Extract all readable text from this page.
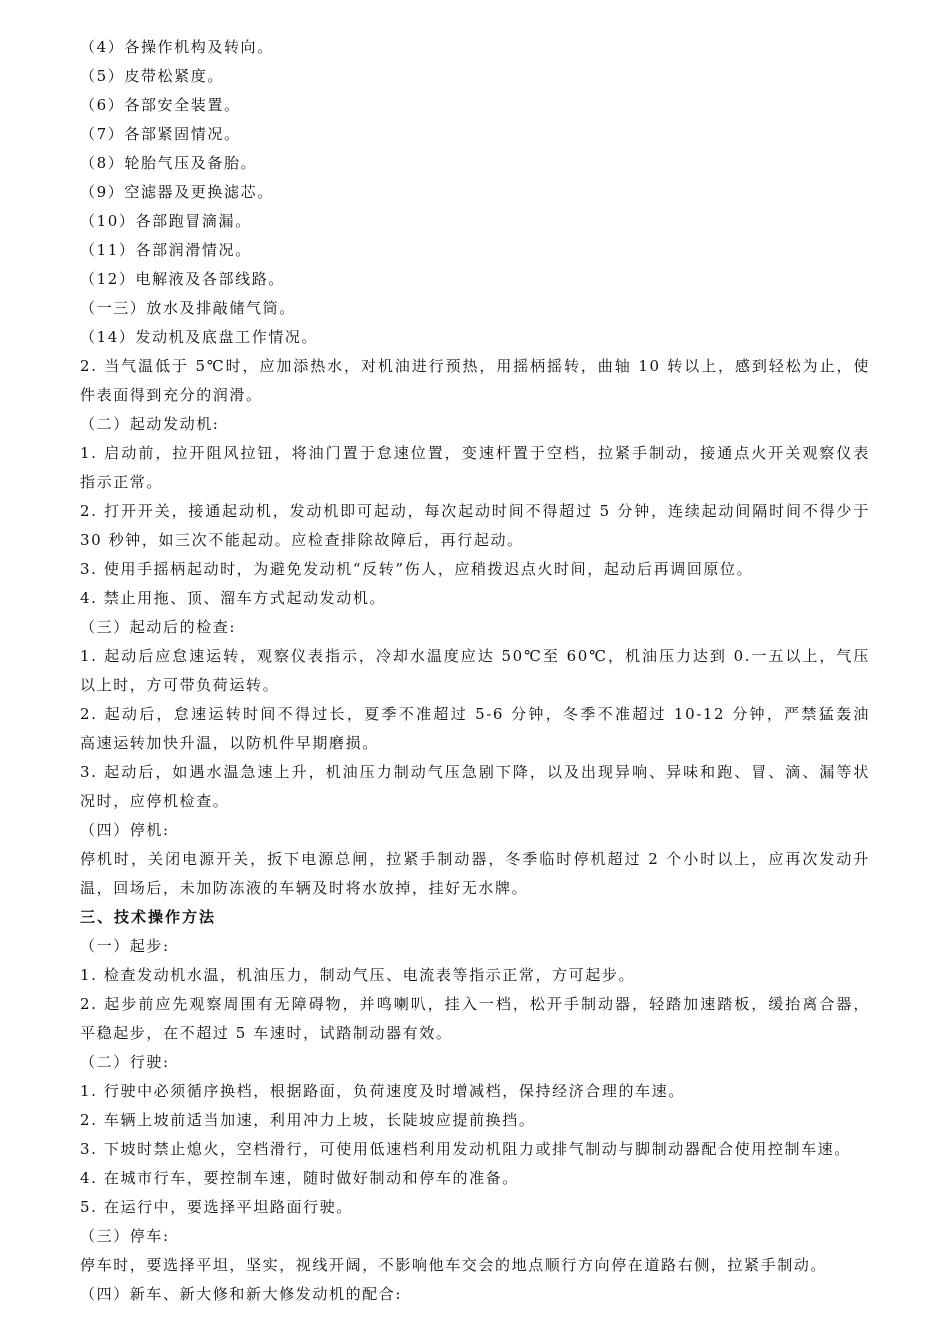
（4）各操作机构及转向。
（5）皮带松紧度。
（6）各部安全装置。
（7）各部紧固情况。
（8）轮胎气压及备胎。
（9）空滤器及更换滤芯。
（10）各部跑冒滴漏。
（11）各部润滑情况。
（12）电解液及各部线路。
（一三）放水及排敲储气筒。
（14）发动机及底盘工作情况。
2. 当气温低于 5℃时，应加添热水，对机油进行预热，用摇柄摇转，曲轴 10 转以上，感到轻松为止，使
件表面得到充分的润滑。
（二）起动发动机:
1. 启动前，拉开阻风拉钮，将油门置于怠速位置，变速杆置于空档，拉紧手制动，接通点火开关观察仪表
指示正常。
2. 打开开关，接通起动机，发动机即可起动，每次起动时间不得超过 5 分钟，连续起动间隔时间不得少于
30 秒钟，如三次不能起动。应检查排除故障后，再行起动。
3. 使用手摇柄起动时，为避免发动机“反转”伤人，应稍拨迟点火时间，起动后再调回原位。
4. 禁止用拖、顶、溜车方式起动发动机。
（三）起动后的检查:
1. 起动后应怠速运转，观察仪表指示，冷却水温度应达 50℃至 60℃，机油压力达到 0.一五以上，气压
以上时，方可带负荷运转。
2. 起动后，怠速运转时间不得过长，夏季不准超过 5-6 分钟，冬季不准超过 10-12 分钟，严禁猛轰油
高速运转加快升温，以防机件早期磨损。
3. 起动后，如遇水温急速上升，机油压力制动气压急剧下降，以及出现异响、异味和跑、冒、滴、漏等状
况时，应停机检查。
（四）停机:
停机时，关闭电源开关，扳下电源总闸，拉紧手制动器，冬季临时停机超过 2 个小时以上，应再次发动升
温，回场后，未加防冻液的车辆及时将水放掉，挂好无水牌。
三、技术操作方法
（一）起步:
1. 检查发动机水温，机油压力，制动气压、电流表等指示正常，方可起步。
2. 起步前应先观察周围有无障碍物，并鸣喇叭，挂入一档，松开手制动器，轻踏加速踏板，缓抬离合器，
平稳起步，在不超过 5 车速时，试踏制动器有效。
（二）行驶:
1. 行驶中必须循序换档，根据路面，负荷速度及时增减档，保持经济合理的车速。
2. 车辆上坡前适当加速，利用冲力上坡，长陡坡应提前换挡。
3. 下坡时禁止熄火，空档滑行，可使用低速档利用发动机阻力或排气制动与脚制动器配合使用控制车速。
4. 在城市行车，要控制车速，随时做好制动和停车的准备。
5. 在运行中，要选择平坦路面行驶。
（三）停车:
停车时，要选择平坦，坚实，视线开阔，不影响他车交会的地点顺行方向停在道路右侧，拉紧手制动。
（四）新车、新大修和新大修发动机的配合:
